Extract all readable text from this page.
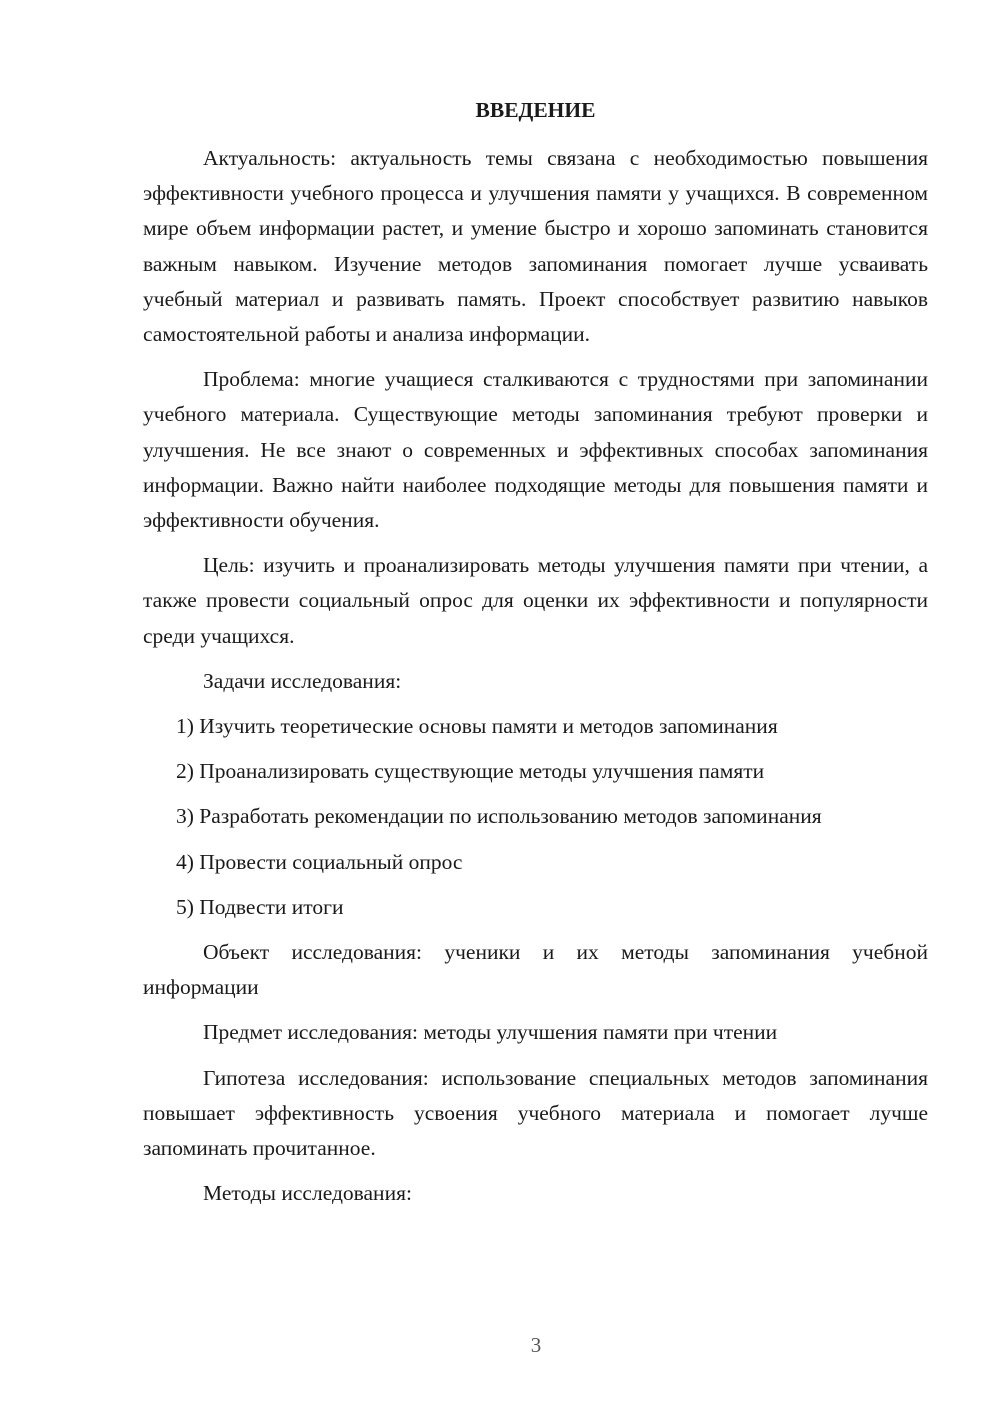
ВВЕДЕНИЕ

Актуальность: актуальность темы связана с необходимостью повышения эффективности учебного процесса и улучшения памяти у учащихся. В современном мире объем информации растет, и умение быстро и хорошо запоминать становится важным навыком. Изучение методов запоминания помогает лучше усваивать учебный материал и развивать память. Проект способствует развитию навыков самостоятельной работы и анализа информации.

Проблема: многие учащиеся сталкиваются с трудностями при запоминании учебного материала. Существующие методы запоминания требуют проверки и улучшения. Не все знают о современных и эффективных способах запоминания информации. Важно найти наиболее подходящие методы для повышения памяти и эффективности обучения.

Цель: изучить и проанализировать методы улучшения памяти при чтении, а также провести социальный опрос для оценки их эффективности и популярности среди учащихся.

Задачи исследования:

1) Изучить теоретические основы памяти и методов запоминания

2) Проанализировать существующие методы улучшения памяти

3) Разработать рекомендации по использованию методов запоминания

4) Провести социальный опрос

5) Подвести итоги

Объект исследования: ученики и их методы запоминания учебной информации

Предмет исследования: методы улучшения памяти при чтении

Гипотеза исследования: использование специальных методов запоминания повышает эффективность усвоения учебного материала и помогает лучше запоминать прочитанное.

Методы исследования:

3
